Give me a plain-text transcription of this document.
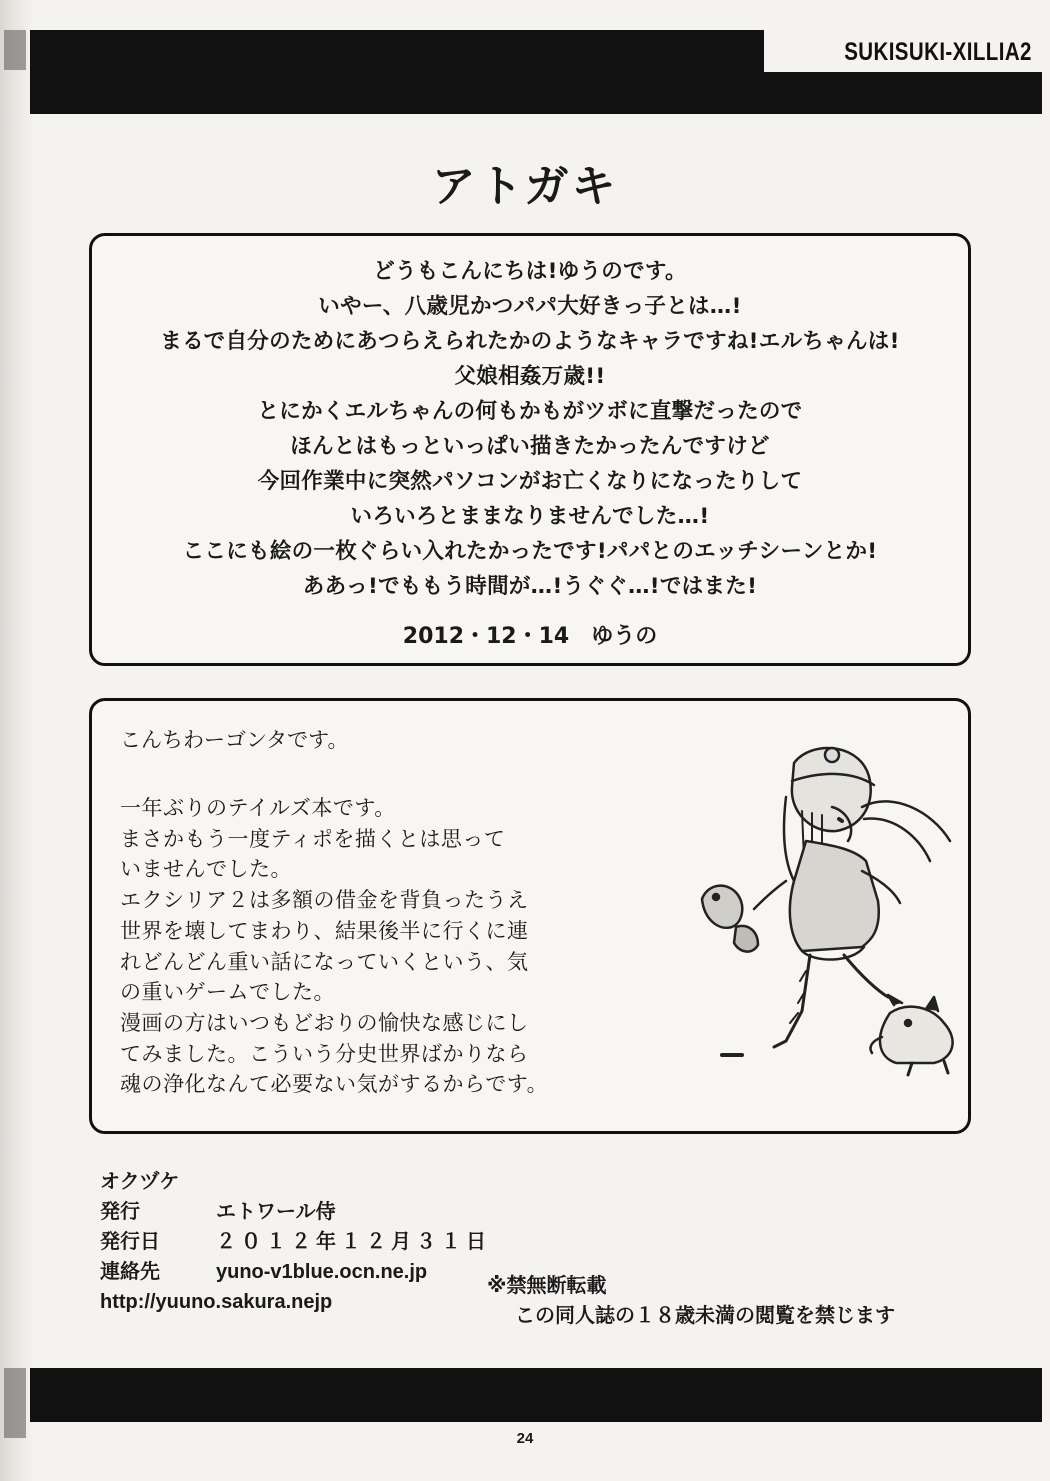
SUKISUKI-XILLIA2
アトガキ
どうもこんにちは!ゆうのです。
いやー、八歳児かつパパ大好きっ子とは…!
まるで自分のためにあつらえられたかのようなキャラですね!エルちゃんは!
父娘相姦万歳!!
とにかくエルちゃんの何もかもがツボに直撃だったので
ほんとはもっといっぱい描きたかったんですけど
今回作業中に突然パソコンがお亡くなりになったりして
いろいろとままなりませんでした…!
ここにも絵の一枚ぐらい入れたかったです!パパとのエッチシーンとか!
ああっ!でももう時間が…!うぐぐ…!ではまた!
2012・12・14　ゆうの
こんちわーゴンタです。
一年ぶりのテイルズ本です。
まさかもう一度ティポを描くとは思って
いませんでした。
エクシリア２は多額の借金を背負ったうえ
世界を壊してまわり、結果後半に行くに連
れどんどん重い話になっていくという、気
の重いゲームでした。
漫画の方はいつもどおりの愉快な感じにし
てみました。こういう分史世界ばかりなら
魂の浄化なんて必要ない気がするからです。
オクヅケ
発行	エトワール侍
発行日	２０１２年１２月３１日
連絡先	yuno-v1blue.ocn.ne.jp
http://yuuno.sakura.nejp
※禁無断転載
この同人誌の１８歳未満の閲覧を禁じます
24
